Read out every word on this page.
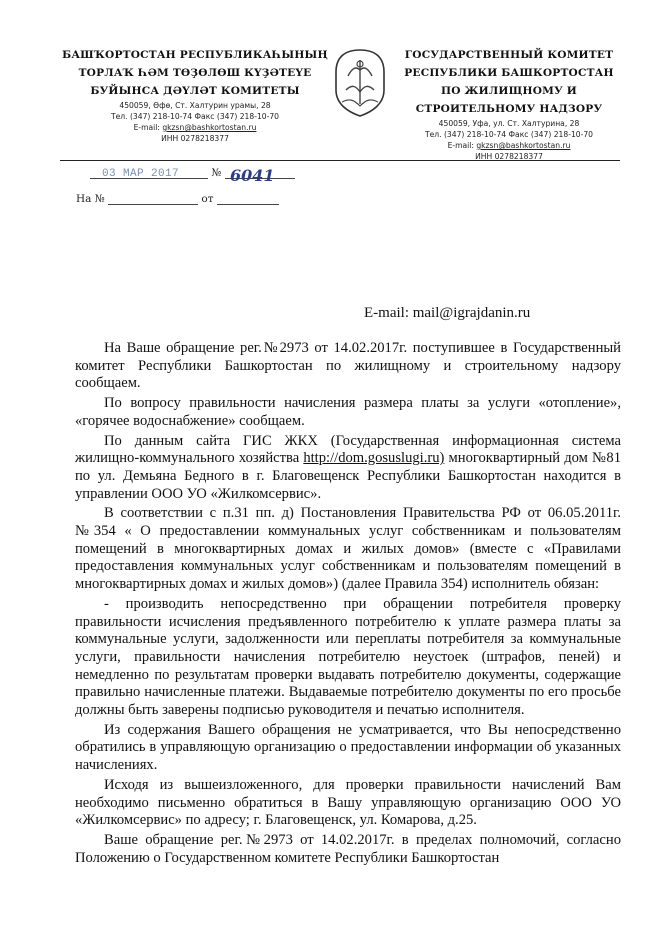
БАШҠОРТОСТАН РЕСПУБЛИКАҺЫНЫҢ
ТОРЛАҠ ҺӘМ ТӨҘӨЛӨШ КҮҘӘТЕҮЕ
БУЙЫНСА ДӘҮЛӘТ КОМИТЕТЫ
450059, Өфө, Ст. Халтурин урамы, 28
Тел. (347) 218-10-74 Факс (347) 218-10-70
E-mail: gkzsn@bashkortostan.ru
ИНН 0278218377
ГОСУДАРСТВЕННЫЙ КОМИТЕТ
РЕСПУБЛИКИ БАШКОРТОСТАН
ПО ЖИЛИЩНОМУ И
СТРОИТЕЛЬНОМУ НАДЗОРУ
450059, Уфа, ул. Ст. Халтурина, 28
Тел. (347) 218-10-74 Факс (347) 218-10-70
E-mail: gkzsn@bashkortostan.ru
ИНН 0278218377
№
03 МАР 2017	6041
На №	от
E-mail: mail@igrajdanin.ru

На Ваше обращение рег.№2973 от 14.02.2017г. поступившее в Государственный комитет Республики Башкортостан по жилищному и строительному надзору сообщаем.

По вопросу правильности начисления размера платы за услуги «отопление», «горячее водоснабжение» сообщаем.

По данным сайта ГИС ЖКХ (Государственная информационная система жилищно-коммунального хозяйства http://dom.gosuslugi.ru) многоквартирный дом №81 по ул. Демьяна Бедного в г. Благовещенск Республики Башкортостан находится в управлении ООО УО «Жилкомсервис».

В соответствии с п.31 пп. д) Постановления Правительства РФ от 06.05.2011г. №354 « О предоставлении коммунальных услуг собственникам и пользователям помещений в многоквартирных домах и жилых домов» (вместе с «Правилами предоставления коммунальных услуг собственникам и пользователям помещений в многоквартирных домах и жилых домов») (далее Правила 354) исполнитель обязан:

- производить непосредственно при обращении потребителя проверку правильности исчисления предъявленного потребителю к уплате размера платы за коммунальные услуги, задолженности или переплаты потребителя за коммунальные услуги, правильности начисления потребителю неустоек (штрафов, пеней) и немедленно по результатам проверки выдавать потребителю документы, содержащие правильно начисленные платежи. Выдаваемые потребителю документы по его просьбе должны быть заверены подписью руководителя и печатью исполнителя.

Из содержания Вашего обращения не усматривается, что Вы непосредственно обратились в управляющую организацию о предоставлении информации об указанных начислениях.

Исходя из вышеизложенного, для проверки правильности начислений Вам необходимо письменно обратиться в Вашу управляющую организацию ООО УО «Жилкомсервис» по адресу; г. Благовещенск, ул. Комарова, д.25.

Ваше обращение рег.№2973 от 14.02.2017г. в пределах полномочий, согласно Положению о Государственном комитете Республики Башкортостан
